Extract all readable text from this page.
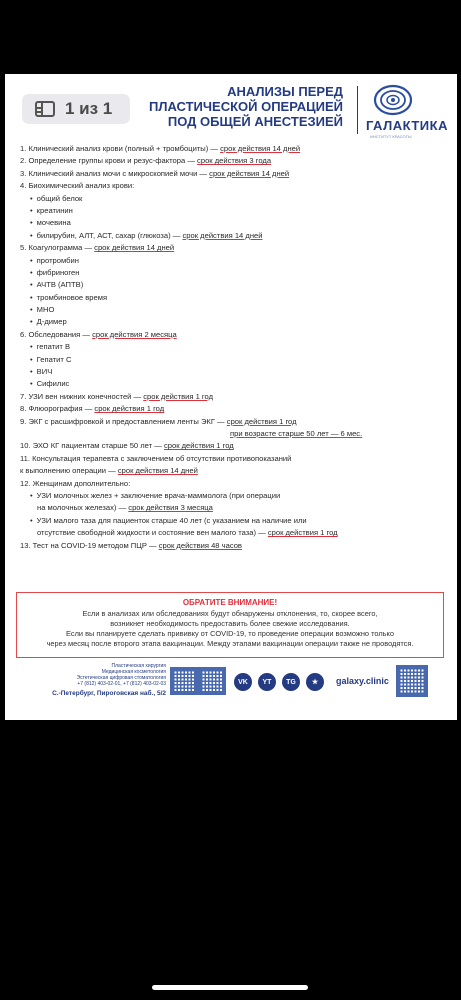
1 из 1
АНАЛИЗЫ ПЕРЕД
ПЛАСТИЧЕСКОЙ ОПЕРАЦИЕЙ
ПОД ОБЩЕЙ АНЕСТЕЗИЕЙ ГАЛАКТИКА
ИНСТИТУТ КРАСОТЫ
1. Клинический анализ крови (полный + тромбоциты) — срок действия 14 дней
2. Определение группы крови и резус-фактора — срок действия 3 года
3. Клинический анализ мочи с микроскопией мочи — срок действия 14 дней
4. Биохимический анализ крови:
• общий белок
• креатинин
• мочевина
• билирубин, АЛТ, АСТ, сахар (глюкоза) — срок действия 14 дней
5. Коагулограмма — срок действия 14 дней
• протромбин
• фибриноген
• АЧТВ (АПТВ)
• тромбиновое время
• МНО
• Д-димер
6. Обследования — срок действия 2 месяца
• гепатит В
• Гепатит С
• ВИЧ
• Сифилис
7. УЗИ вен нижних конечностей — срок действия 1 год
8. Флюорография — срок действия 1 год
9. ЭКГ с расшифровкой и предоставлением ленты ЭКГ — срок действия 1 год
при возрасте старше 50 лет — 6 мес.
10. ЭХО КГ пациентам старше 50 лет — срок действия 1 год
11. Консультация терапевта с заключением об отсутствии противопоказаний
к выполнению операции — срок действия 14 дней
12. Женщинам дополнительно:
• УЗИ молочных желез + заключение врача-маммолога (при операции
на молочных железах) — срок действия 3 месяца
• УЗИ малого таза для пациенток старше 40 лет (с указанием на наличие или
отсутствие свободной жидкости и состояние вен малого таза) — срок действия 1 год
13. Тест на COVID-19 методом ПЦР — срок действия 48 часов
ОБРАТИТЕ ВНИМАНИЕ!
Если в анализах или обследованиях будут обнаружены отклонения, то, скорее всего,
возникнет необходимость предоставить более свежие исследования.
Если вы планируете сделать прививку от COVID-19, то проведение операции возможно только
через месяц после второго этапа вакцинации. Между этапами вакцинации операции также не проводятся.
Пластическая хирургия
Медицинская косметология
Эстетическая цифровая стоматология
+7 (812) 403-02-01, +7 (812) 403-02-03
С.-Петербург, Пироговская наб., 5/2
VK	YT	TG	★	galaxy.clinic
